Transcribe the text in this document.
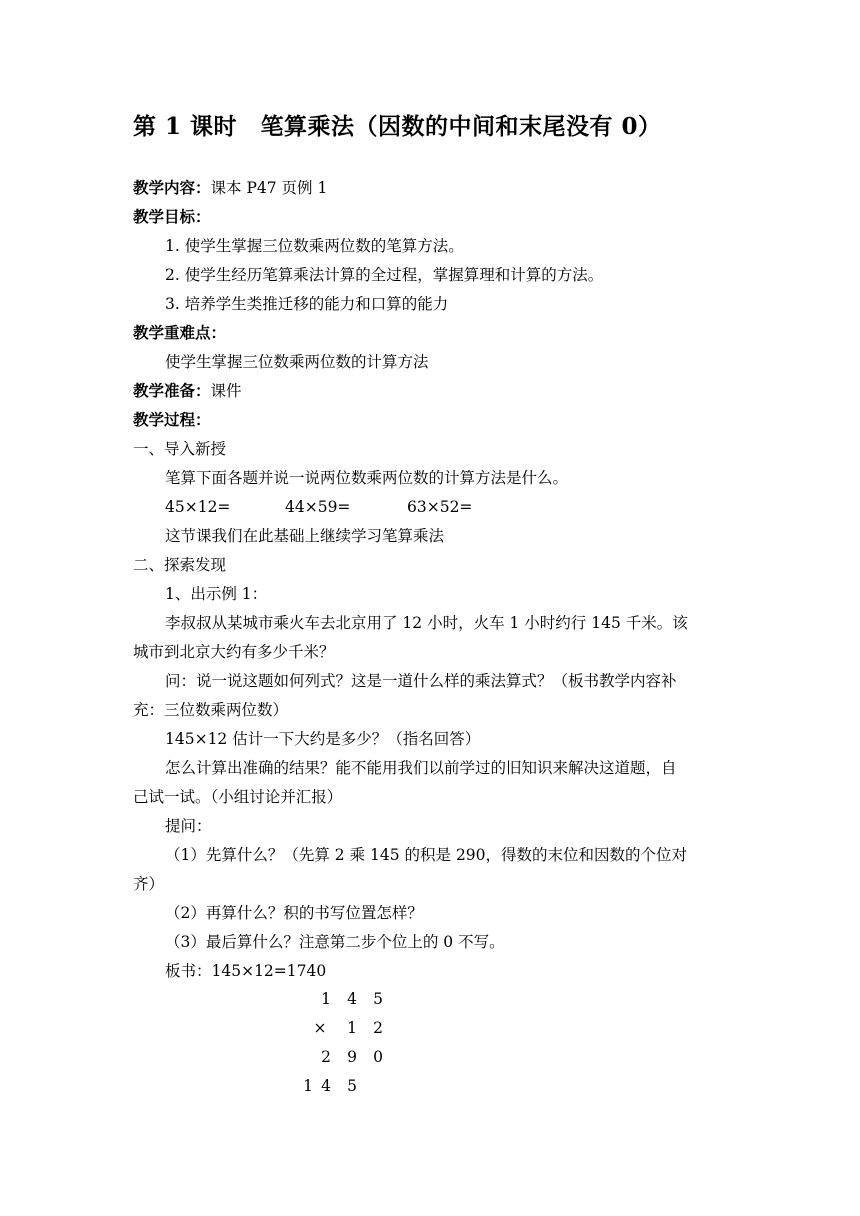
第 1 课时　笔算乘法（因数的中间和末尾没有 0）
教学内容：课本 P47 页例 1
教学目标：
1. 使学生掌握三位数乘两位数的笔算方法。
2. 使学生经历笔算乘法计算的全过程，掌握算理和计算的方法。
3. 培养学生类推迁移的能力和口算的能力
教学重难点：
使学生掌握三位数乘两位数的计算方法
教学准备：课件
教学过程：
一、导入新授
笔算下面各题并说一说两位数乘两位数的计算方法是什么。
45×12=	44×59=	63×52=
这节课我们在此基础上继续学习笔算乘法
二、探索发现
1、出示例 1：
李叔叔从某城市乘火车去北京用了 12 小时，火车 1 小时约行 145 千米。该
城市到北京大约有多少千米？
问：说一说这题如何列式？这是一道什么样的乘法算式？（板书教学内容补
充：三位数乘两位数）
145×12 估计一下大约是多少？（指名回答）
怎么计算出准确的结果？能不能用我们以前学过的旧知识来解决这道题，自
己试一试。（小组讨论并汇报）
提问：
（1）先算什么？（先算 2 乘 145 的积是 290，得数的末位和因数的个位对
齐）
（2）再算什么？积的书写位置怎样？
（3）最后算什么？注意第二步个位上的 0 不写。
板书：145×12=1740
1	4	5
×	1	2
2	9	0
1 4	5
